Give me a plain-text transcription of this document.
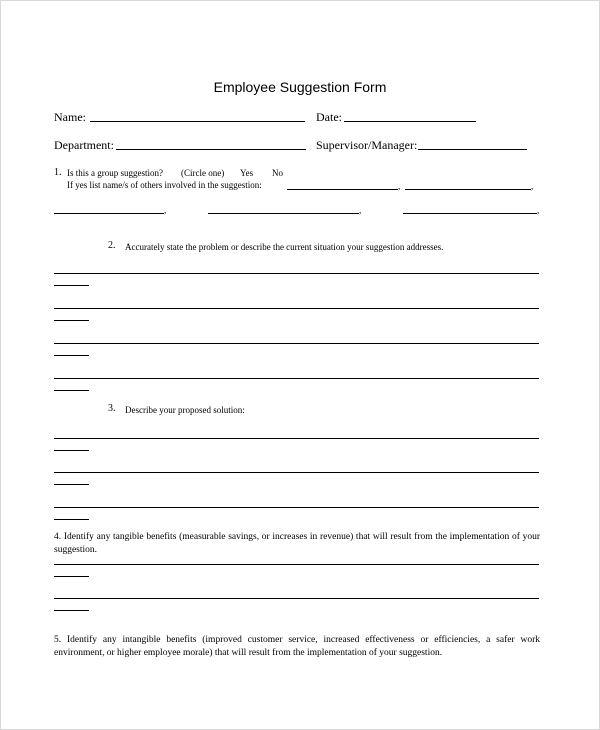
Employee Suggestion Form
Name:	Date:
Department:	Supervisor/Manager:
1. Is this a group suggestion? (Circle one) Yes No
If yes list name/s of others involved in the suggestion:	,	,
,	,	,
2. Accurately state the problem or describe the current situation your suggestion addresses.
3. Describe your proposed solution:
4. Identify any tangible benefits (measurable savings, or increases in revenue) that will result from the implementation of your suggestion.
5. Identify any intangible benefits (improved customer service, increased effectiveness or efficiencies, a safer work environment, or higher employee morale) that will result from the implementation of your suggestion.
